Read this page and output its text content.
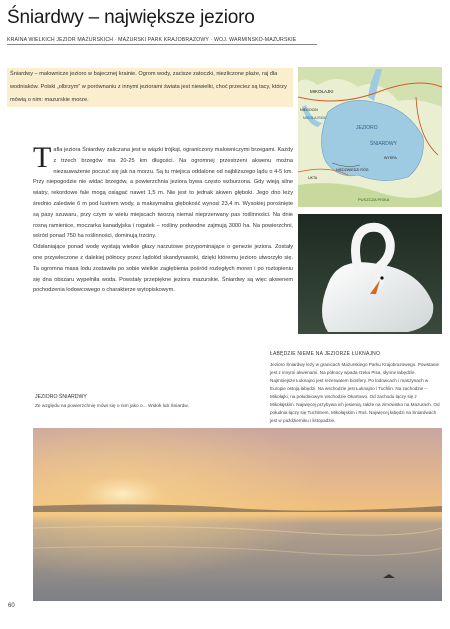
Śniardwy – największe jezioro
KRAINA WIELKICH JEZIOR MAZURSKICH · MAZURSKI PARK KRAJOBRAZOWY · WOJ. WARMIŃSKO-MAZURSKIE

Śniardwy – malownicze jezioro w bajecznej krainie. Ogrom wody, zacisze zatoczki, niezliczone plaże, raj dla wodniaków. Polski „olbrzym” w porównaniu z innymi jeziorami świata jest niewielki, choć przeciez są tacy, którzy mówią o nim: mazurskie morze.

T afla jeziora Śniardwy zaliczana jest w wiązki trójkąt, ograniczony malowniczymi brzegami. Każdy z trzech brzegów ma 20-25 km długości. Na ogromnej przestrzeni akwenu można niezauważenie poczuć się jak na morzu. Są tu miejsca oddalone od najbliższego lądu o 4-5 km. Przy niepogodzie nie widać brzegów, a powierzchnia jeziora bywa często wzburzona. Gdy wieją silne wiatry, rekordowe fale mogą osiągać nawet 1,5 m. Nie jest to jednak akwen głęboki. Jego dno leży średnio zaledwie 6 m pod lustrem wody, a maksymalna głębokość wynosi 23,4 m. Wysokiej porośnięte są pasy szuwaru, przy czym w wielu miejscach tworzą niemal nieprzerwany pas roślinności. Na dnie rosną ramienice, moczarka kanadyjska i rogatek – rośliny podwodne zajmują 3000 ha. Na powierzchni, wśród ponad 750 ha roślinności, dominują trzciny.

Odsłaniające ponad wodę wystają wielkie głazy narzutowe przypominające o genezie jeziora. Zostały one przywleczone z dalekiej północy przez lądolód skandynawski, dzięki któremu jezioro utworzyło się. Ta ogromna masa lodu zostawiła po sobie wielkie zagłębienia pośród rozległych moren i po roztopieniu się dna obszaru wypełniła woda. Powstały przepiękne jeziora mazurskie. Śniardwy są więc akwenem pochodzenia lodowcowego o charakterze wytopiskowym.

JEZIORO ŚNIARDWY
Ze względu na powierzchnię mówi się o nim jako o... Widok lub Śniardw.
MIKOŁAJKI
JEZIORO
ŚNIARDWY
MIKOŁAJSKIE
NIEGOCIN
PUSZCZA PISKA
UKTA
NIEDZWIEDZI RÓG
WYSPA
ŁABĘDZIE NIEME NA JEZIORZE ŁUKNAJNO

Jezioro Śniardwy leży w granicach Mazurskiego Parku Krajobrazowego. Powstanie jest z innymi akwenami. Na północy wpada rzeka Pisa, słynne łabędzie. Najmniejsze Łuknajno jest rezerwatem biosfery. Po lodowcach i maszynach w Europie ostoją łabędzi. Na wschodzie jest Łuknajno i Tuchlin. Na zachodzie – Mikołajki, na południowym wschodzie Okartowo. Od zachodu łączy się z Mikołajskim. Najwięcej przybywa ich jesienią, także na zimowisko na Mazurach. Od południa łączy się Tuchlinem, Mikołajskim i Roś. Najwięcej łabędzi na Śniardwach jest w październiku i listopadzie.

60
